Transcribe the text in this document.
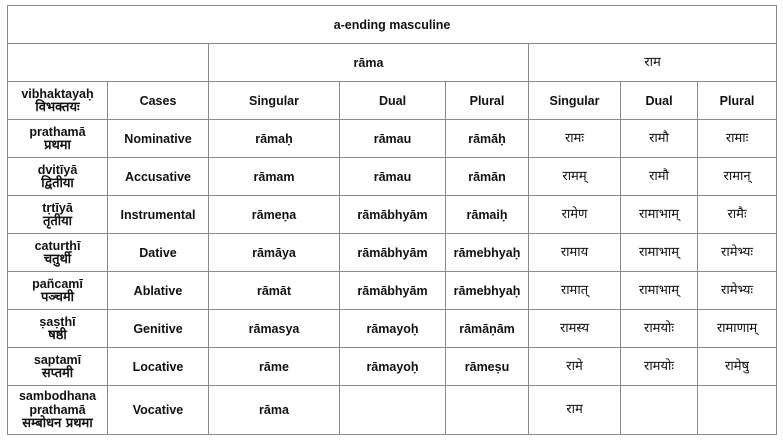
a-ending masculine							
		rāma			राम		

vibhaktayaḥ
विभक्तयः	Cases	Singular	Dual	Plural	Singular	Dual	Plural

prathamā
प्रथमा	Nominative	rāmaḥ	rāmau	rāmāḥ	रामः	रामौ	रामाः

dvitīyā
द्वितीया	Accusative	rāmam	rāmau	rāmān	रामम्	रामौ	रामान्

tṛtīyā
तृतीया	Instrumental	rāmeṇa	rāmābhyām	rāmaiḥ	रामेण	रामाभाम्	रामैः

caturthī
चतुर्थी	Dative	rāmāya	rāmābhyām	rāmebhyaḥ	रामाय	रामाभाम्	रामेभ्यः

pañcamī
पञ्चमी	Ablative	rāmāt	rāmābhyām	rāmebhyaḥ	रामात्	रामाभाम्	रामेभ्यः

ṣaṣṭhī
षष्ठी	Genitive	rāmasya	rāmayoḥ	rāmāṇām	रामस्य	रामयोः	रामाणाम्

saptamī
सप्तमी	Locative	rāme	rāmayoḥ	rāmeṣu	रामे	रामयोः	रामेषु

sambodhana
prathamā
सम्बोधन प्रथमा	Vocative	rāma			राम		
